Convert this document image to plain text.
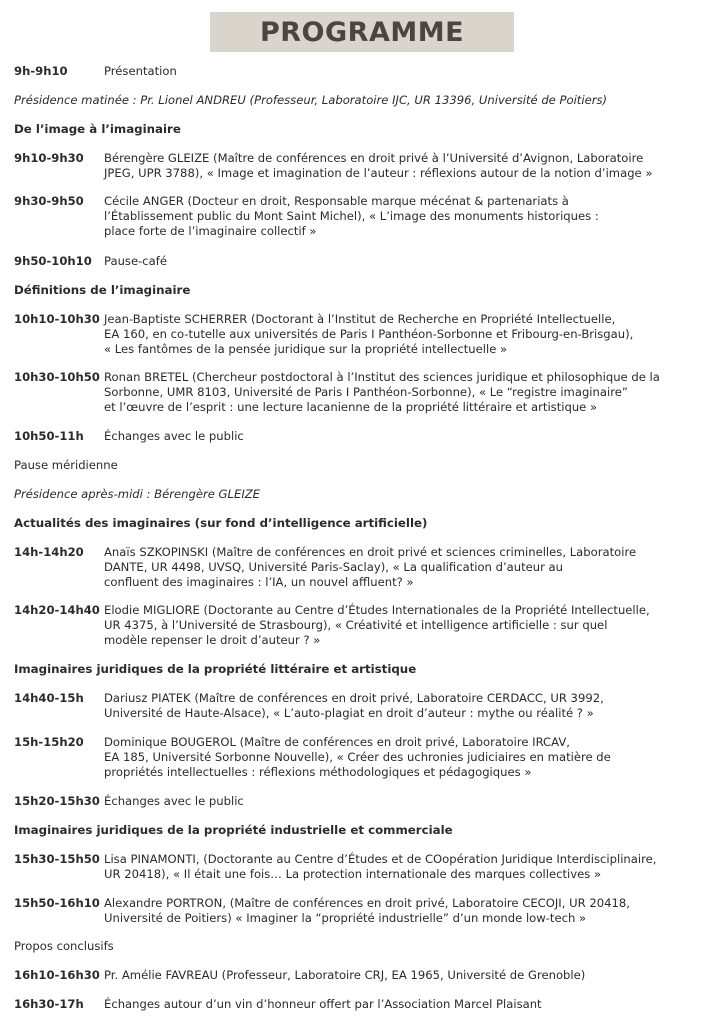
PROGRAMME
9h-9h10	Présentation
Présidence matinée : Pr. Lionel ANDREU (Professeur, Laboratoire IJC, UR 13396, Université de Poitiers)
De l’image à l’imaginaire
9h10-9h30 Bérengère GLEIZE (Maître de conférences en droit privé à l’Université d’Avignon, Laboratoire
JPEG, UPR 3788), « Image et imagination de l’auteur : réflexions autour de la notion d’image »
9h30-9h50 Cécile ANGER (Docteur en droit, Responsable marque mécénat & partenariats à
l’Établissement public du Mont Saint Michel), « L’image des monuments historiques :
place forte de l’imaginaire collectif »
9h50-10h10 Pause-café
Définitions de l’imaginaire
10h10-10h30 Jean-Baptiste SCHERRER (Doctorant à l’Institut de Recherche en Propriété Intellectuelle,
EA 160, en co-tutelle aux universités de Paris I Panthéon-Sorbonne et Fribourg-en-Brisgau),
« Les fantômes de la pensée juridique sur la propriété intellectuelle »
10h30-10h50 Ronan BRETEL (Chercheur postdoctoral à l’Institut des sciences juridique et philosophique de la
Sorbonne, UMR 8103, Université de Paris I Panthéon-Sorbonne), « Le “registre imaginaire”
et l’œuvre de l’esprit : une lecture lacanienne de la propriété littéraire et artistique »
10h50-11h Échanges avec le public
Pause méridienne
Présidence après-midi : Bérengère GLEIZE
Actualités des imaginaires (sur fond d’intelligence artificielle)
14h-14h20 Anaïs SZKOPINSKI (Maître de conférences en droit privé et sciences criminelles, Laboratoire
DANTE, UR 4498, UVSQ, Université Paris-Saclay), « La qualification d’auteur au
confluent des imaginaires : l’IA, un nouvel affluent? »
14h20-14h40 Elodie MIGLIORE (Doctorante au Centre d’Études Internationales de la Propriété Intellectuelle,
UR 4375, à l’Université de Strasbourg), « Créativité et intelligence artificielle : sur quel
modèle repenser le droit d’auteur ? »
Imaginaires juridiques de la propriété littéraire et artistique
14h40-15h Dariusz PIATEK (Maître de conférences en droit privé, Laboratoire CERDACC, UR 3992,
Université de Haute-Alsace), « L’auto-plagiat en droit d’auteur : mythe ou réalité ? »
15h-15h20 Dominique BOUGEROL (Maître de conférences en droit privé, Laboratoire IRCAV,
EA 185, Université Sorbonne Nouvelle), « Créer des uchronies judiciaires en matière de
propriétés intellectuelles : réflexions méthodologiques et pédagogiques »
15h20-15h30 Échanges avec le public
Imaginaires juridiques de la propriété industrielle et commerciale
15h30-15h50 Lisa PINAMONTI, (Doctorante au Centre d’Études et de COopération Juridique Interdisciplinaire,
UR 20418), « Il était une fois… La protection internationale des marques collectives »
15h50-16h10 Alexandre PORTRON, (Maître de conférences en droit privé, Laboratoire CECOJI, UR 20418,
Université de Poitiers) « Imaginer la “propriété industrielle” d’un monde low-tech »
Propos conclusifs
16h10-16h30 Pr. Amélie FAVREAU (Professeur, Laboratoire CRJ, EA 1965, Université de Grenoble)
16h30-17h Échanges autour d’un vin d’honneur offert par l’Association Marcel Plaisant
